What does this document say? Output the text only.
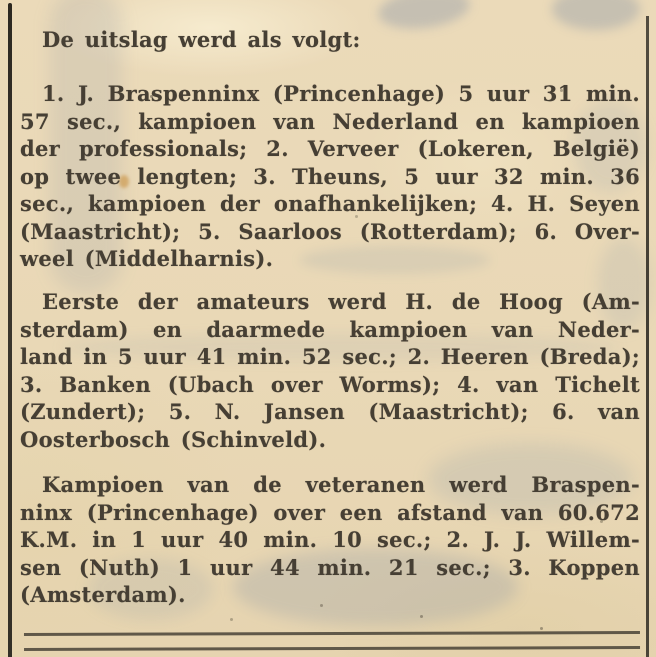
De uitslag werd als volgt:
1. J. Braspenninx (Princenhage) 5 uur 31 min.
57 sec., kampioen van Nederland en kampioen
der professionals; 2. Verveer (Lokeren, België)
op twee lengten; 3. Theuns, 5 uur 32 min. 36
sec., kampioen der onafhankelijken; 4. H. Seyen
(Maastricht); 5. Saarloos (Rotterdam); 6. Over-
weel (Middelharnis).
Eerste der amateurs werd H. de Hoog (Am-
sterdam) en daarmede kampioen van Neder-
land in 5 uur 41 min. 52 sec.; 2. Heeren (Breda);
3. Banken (Ubach over Worms); 4. van Tichelt
(Zundert); 5. N. Jansen (Maastricht); 6. van
Oosterbosch (Schinveld).
Kampioen van de veteranen werd Braspen-
ninx (Princenhage) over een afstand van 60.672
K.M. in 1 uur 40 min. 10 sec.; 2. J. J. Willem-
sen (Nuth) 1 uur 44 min. 21 sec.; 3. Koppen
(Amsterdam).
